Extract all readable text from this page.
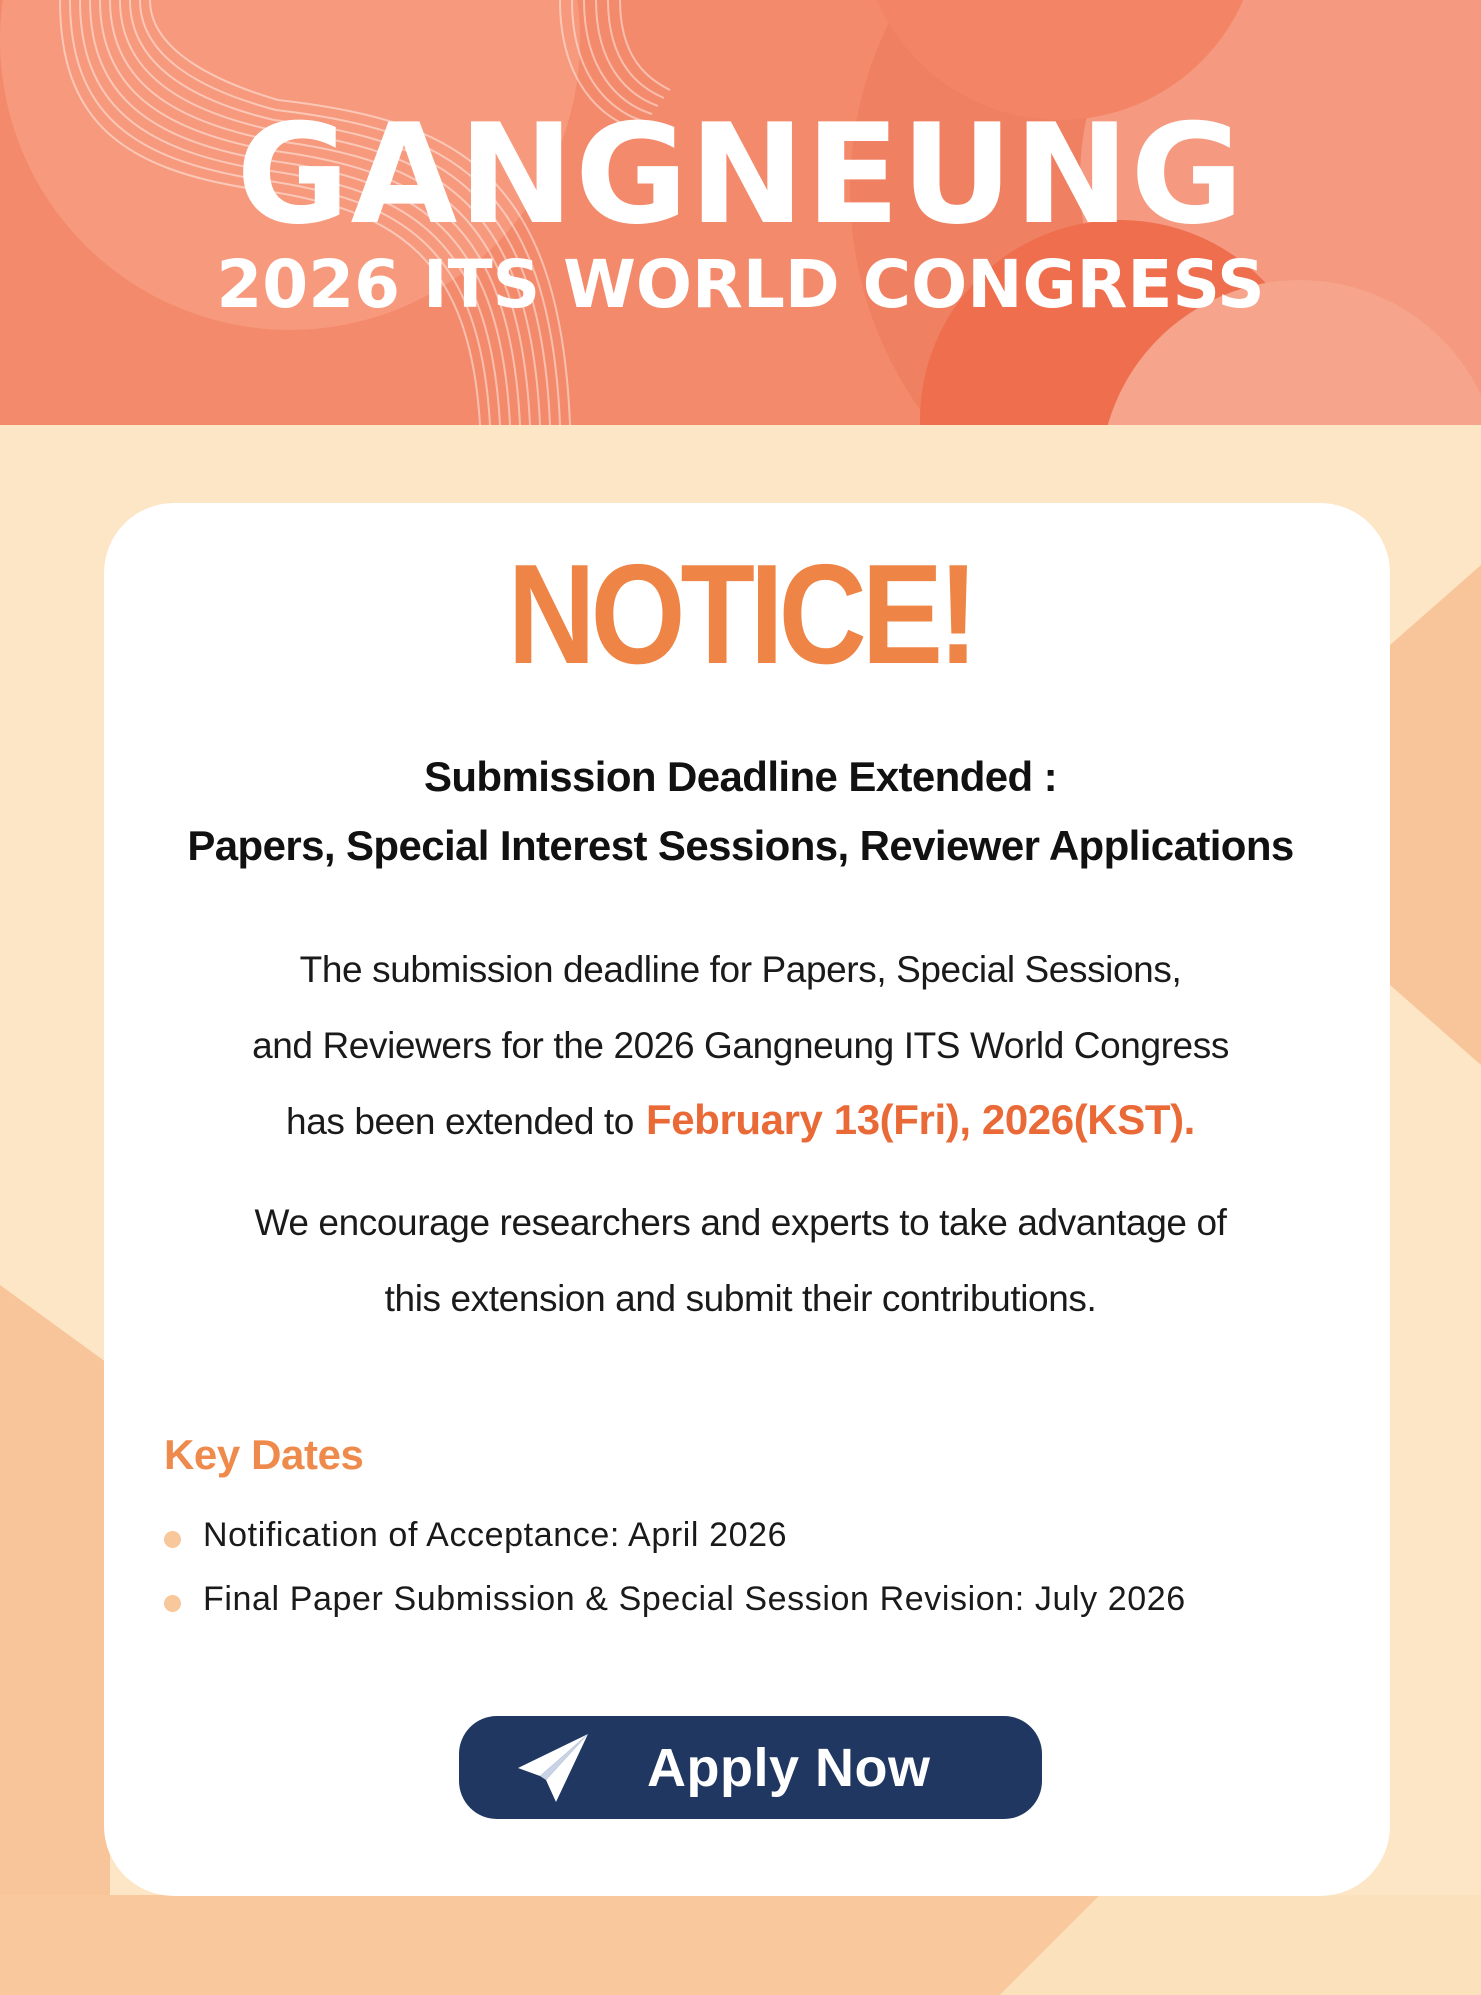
GANGNEUNG
2026 ITS WORLD CONGRESS
NOTICE!
Submission Deadline Extended :
Papers, Special Interest Sessions, Reviewer Applications
The submission deadline for Papers, Special Sessions,
and Reviewers for the 2026 Gangneung ITS World Congress
has been extended to February 13(Fri), 2026(KST).
We encourage researchers and experts to take advantage of
this extension and submit their contributions.
Key Dates
Notification of Acceptance: April 2026
Final Paper Submission & Special Session Revision: July 2026
Apply Now
